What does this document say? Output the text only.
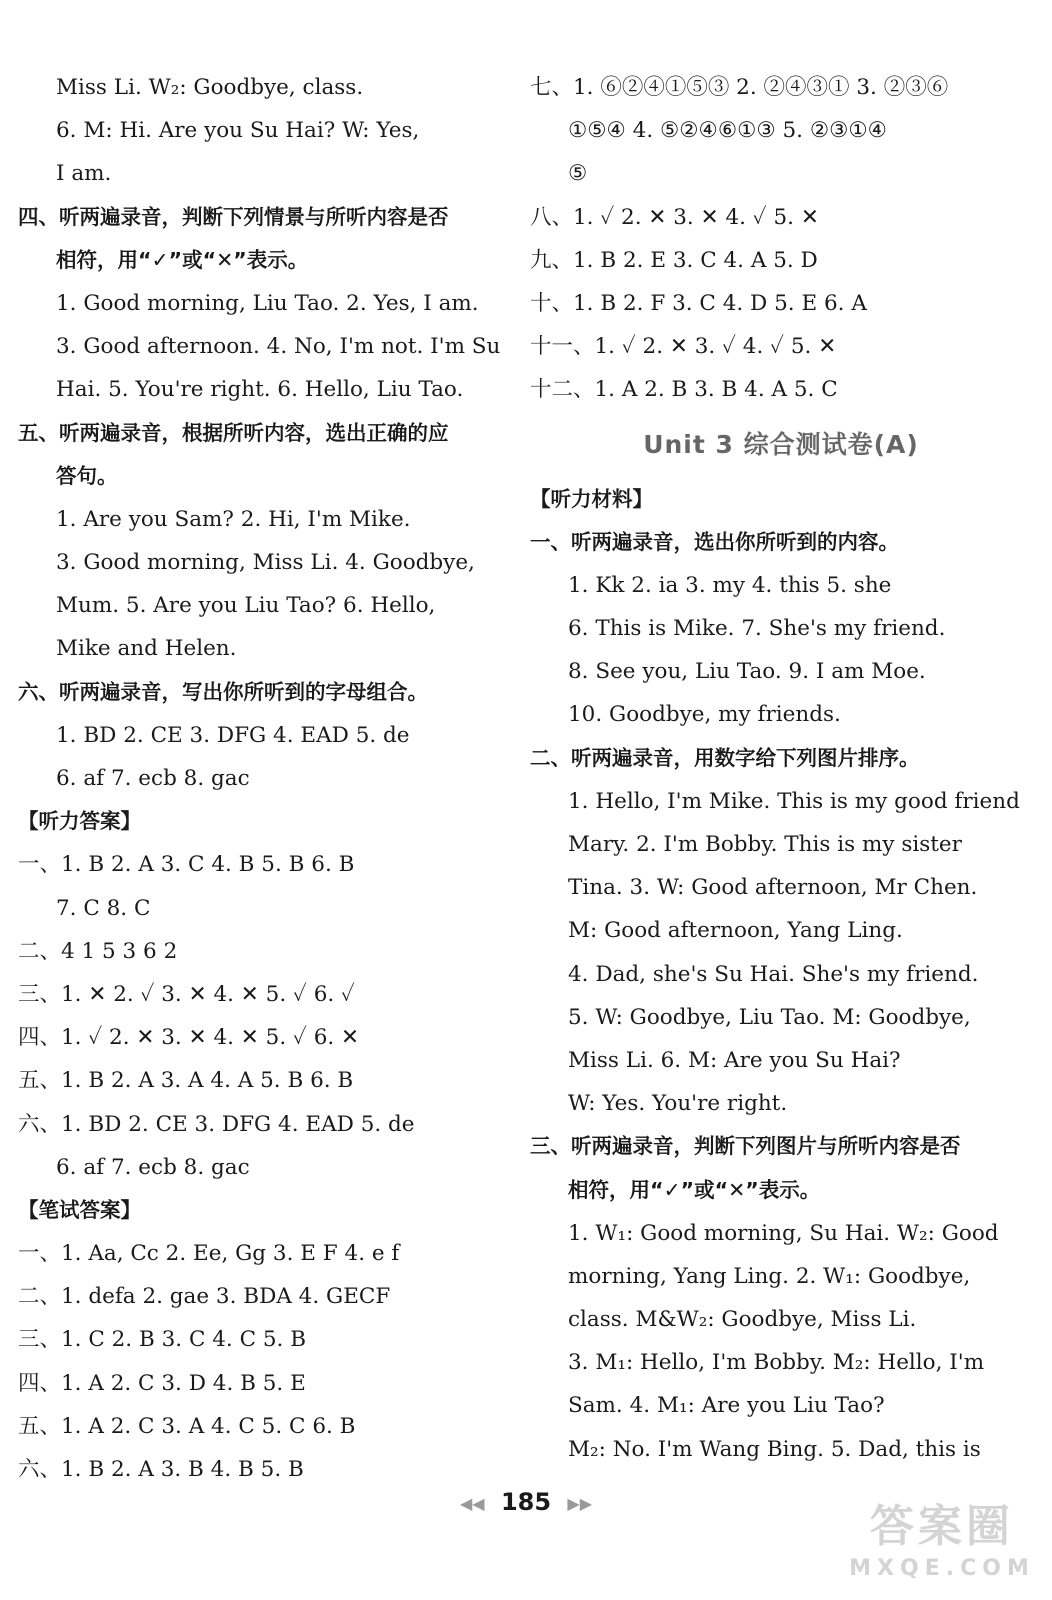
Miss Li. W₂: Goodbye, class.
6. M: Hi. Are you Su Hai? W: Yes,
I am.
四、听两遍录音，判断下列情景与所听内容是否
相符，用“✓”或“✕”表示。
1. Good morning, Liu Tao. 2. Yes, I am.
3. Good afternoon. 4. No, I'm not. I'm Su
Hai. 5. You're right. 6. Hello, Liu Tao.
五、听两遍录音，根据所听内容，选出正确的应
答句。
1. Are you Sam? 2. Hi, I'm Mike.
3. Good morning, Miss Li. 4. Goodbye,
Mum. 5. Are you Liu Tao? 6. Hello,
Mike and Helen.
六、听两遍录音，写出你所听到的字母组合。
1. BD 2. CE 3. DFG 4. EAD 5. de
6. af 7. ecb 8. gac
【听力答案】
一、1. B 2. A 3. C 4. B 5. B 6. B
7. C 8. C
二、4 1 5 3 6 2
三、1. ✕ 2. ✓ 3. ✕ 4. ✕ 5. ✓ 6. ✓
四、1. ✓ 2. ✕ 3. ✕ 4. ✕ 5. ✓ 6. ✕
五、1. B 2. A 3. A 4. A 5. B 6. B
六、1. BD 2. CE 3. DFG 4. EAD 5. de
6. af 7. ecb 8. gac
【笔试答案】
一、1. Aa, Cc 2. Ee, Gg 3. E F 4. e f
二、1. defa 2. gae 3. BDA 4. GECF
三、1. C 2. B 3. C 4. C 5. B
四、1. A 2. C 3. D 4. B 5. E
五、1. A 2. C 3. A 4. C 5. C 6. B
六、1. B 2. A 3. B 4. B 5. B
七、1. ⑥②④①⑤③ 2. ②④③① 3. ②③⑥
①⑤④ 4. ⑤②④⑥①③ 5. ②③①④
⑤
八、1. ✓ 2. ✕ 3. ✕ 4. ✓ 5. ✕
九、1. B 2. E 3. C 4. A 5. D
十、1. B 2. F 3. C 4. D 5. E 6. A
十一、1. ✓ 2. ✕ 3. ✓ 4. ✓ 5. ✕
十二、1. A 2. B 3. B 4. A 5. C
Unit 3 综合测试卷(A)
【听力材料】
一、听两遍录音，选出你所听到的内容。
1. Kk 2. ia 3. my 4. this 5. she
6. This is Mike. 7. She's my friend.
8. See you, Liu Tao. 9. I am Moe.
10. Goodbye, my friends.
二、听两遍录音，用数字给下列图片排序。
1. Hello, I'm Mike. This is my good friend
Mary. 2. I'm Bobby. This is my sister
Tina. 3. W: Good afternoon, Mr Chen.
M: Good afternoon, Yang Ling.
4. Dad, she's Su Hai. She's my friend.
5. W: Goodbye, Liu Tao. M: Goodbye,
Miss Li. 6. M: Are you Su Hai?
W: Yes. You're right.
三、听两遍录音，判断下列图片与所听内容是否
相符，用“✓”或“✕”表示。
1. W₁: Good morning, Su Hai. W₂: Good
morning, Yang Ling. 2. W₁: Goodbye,
class. M&W₂: Goodbye, Miss Li.
3. M₁: Hello, I'm Bobby. M₂: Hello, I'm
Sam. 4. M₁: Are you Liu Tao?
M₂: No. I'm Wang Bing. 5. Dad, this is
◀◀ 185 ▶▶	答案圈
MXQE.COM
